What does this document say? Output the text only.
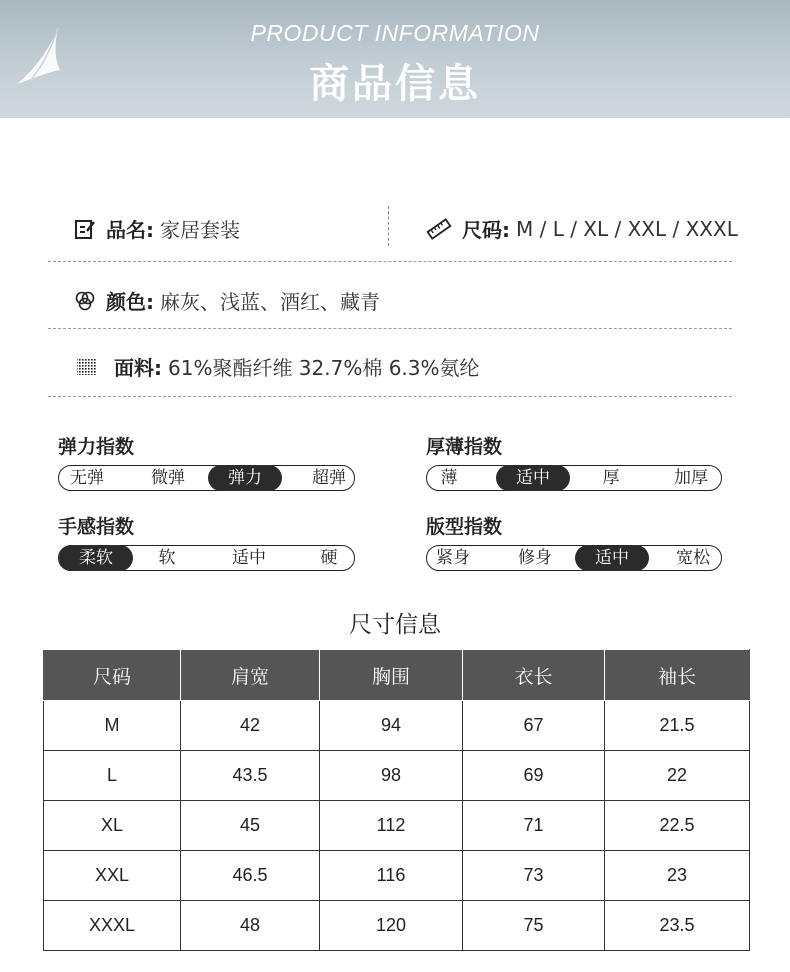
PRODUCT INFORMATION
商品信息
品名: 家居套装	尺码: M / L / XL / XXL / XXXL
颜色: 麻灰、浅蓝、酒红、藏青
面料: 61%聚酯纤维 32.7%棉 6.3%氨纶
弹力指数
无弹	微弹	弹力	超弹
厚薄指数
薄	适中	厚	加厚
手感指数
柔软	软	适中	硬
版型指数
紧身	修身	适中	宽松
尺寸信息
尺码	肩宽	胸围	衣长	袖长
M	42	94	67	21.5
L	43.5	98	69	22
XL	45	112	71	22.5
XXL	46.5	116	73	23
XXXL	48	120	75	23.5
